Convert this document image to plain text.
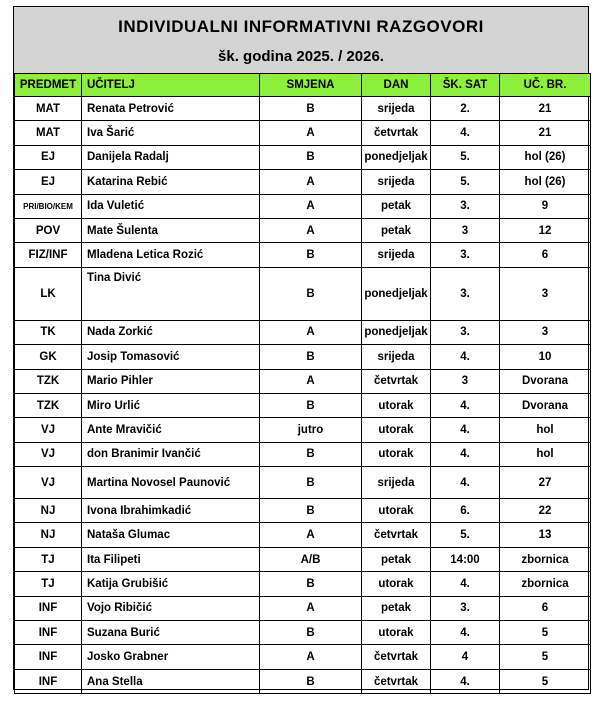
INDIVIDUALNI INFORMATIVNI RAZGOVORI
šk. godina 2025. / 2026.
PREDMET	UČITELJ	SMJENA	DAN	ŠK. SAT	UČ. BR.
MAT	Renata Petrović	B	srijeda	2.	21
MAT	Iva Šarić	A	četvrtak	4.	21
EJ	Danijela Radalj	B	ponedjeljak	5.	hol (26)
EJ	Katarina Rebić	A	srijeda	5.	hol (26)
PRI/BIO/KEM	Ida Vuletić	A	petak	3.	9
POV	Mate Šulenta	A	petak	3	12
FIZ/INF	Mladena Letica Rozić	B	srijeda	3.	6
LK	Tina Divić	B	ponedjeljak	3.	3
TK	Nada Zorkić	A	ponedjeljak	3.	3
GK	Josip Tomasović	B	srijeda	4.	10
TZK	Mario Pihler	A	četvrtak	3	Dvorana
TZK	Miro Urlić	B	utorak	4.	Dvorana
VJ	Ante Mravičić	jutro	utorak	4.	hol
VJ	don Branimir Ivančić	B	utorak	4.	hol
VJ	Martina Novosel Paunović	B	srijeda	4.	27
NJ	Ivona Ibrahimkadić	B	utorak	6.	22
NJ	Nataša Glumac	A	četvrtak	5.	13
TJ	Ita Filipeti	A/B	petak	14:00	zbornica
TJ	Katija Grubišić	B	utorak	4.	zbornica
INF	Vojo Ribičić	A	petak	3.	6
INF	Suzana Burić	B	utorak	4.	5
INF	Josko Grabner	A	četvrtak	4	5
INF	Ana Stella	B	četvrtak	4.	5
